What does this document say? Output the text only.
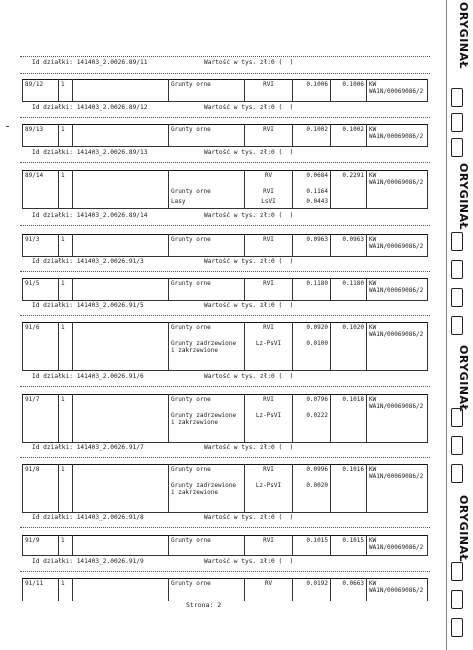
Id działki: 141403_2.0026.89/11

	Wartość w tys. zł:0 (  )

89/12	1		Grunty orne	RVI	0.1006	0.1006	KW WA1N/00069086/2

Id działki: 141403_2.0026.89/12

	Wartość w tys. zł:0 (  )

89/13	1		Grunty orne	RVI	0.1002	0.1002	KW WA1N/00069086/2

Id działki: 141403_2.0026.89/13

	Wartość w tys. zł:0 (  )

89/14	1			RV	0.0684	0.2291	KW WA1N/00069086/2
			Grunty orne	RVI	0.1164		
			Lasy	LsVI	0.0443		

Id działki: 141403_2.0026.89/14

	Wartość w tys. zł:0 (  )

91/3	1		Grunty orne	RVI	0.0963	0.0963	KW WA1N/00069086/2

Id działki: 141403_2.0026.91/3

	Wartość w tys. zł:0 (  )

91/5	1		Grunty orne	RVI	0.1180	0.1180	KW WA1N/00069086/2

Id działki: 141403_2.0026.91/5

	Wartość w tys. zł:0 (  )

91/6	1		Grunty orne	RVI	0.0920	0.1020	KW WA1N/00069086/2
			Grunty zadrzewione i zakrzewione	Lz-PsVI	0.0100		

Id działki: 141403_2.0026.91/6

	Wartość w tys. zł:0 (  )

91/7	1		Grunty orne	RVI	0.0796	0.1018	KW WA1N/00069086/2
			Grunty zadrzewione i zakrzewione	Lz-PsVI	0.0222		

Id działki: 141403_2.0026.91/7

	Wartość w tys. zł:0 (  )

91/8	1		Grunty orne	RVI	0.0996	0.1016	KW WA1N/00069086/2
			Grunty zadrzewione i zakrzewione	Lz-PsVI	0.0020		

Id działki: 141403_2.0026.91/8

	Wartość w tys. zł:0 (  )

91/9	1		Grunty orne	RVI	0.1015	0.1015	KW WA1N/00069086/2

Id działki: 141403_2.0026.91/9

	Wartość w tys. zł:0 (  )

91/11	1		Grunty orne	RV	0.0192	0.0663	KW WA1N/00069086/2
Strona: 2
ORYGINAŁ
ORYGINAŁ
ORYGINAŁ
ORYGINAŁ
